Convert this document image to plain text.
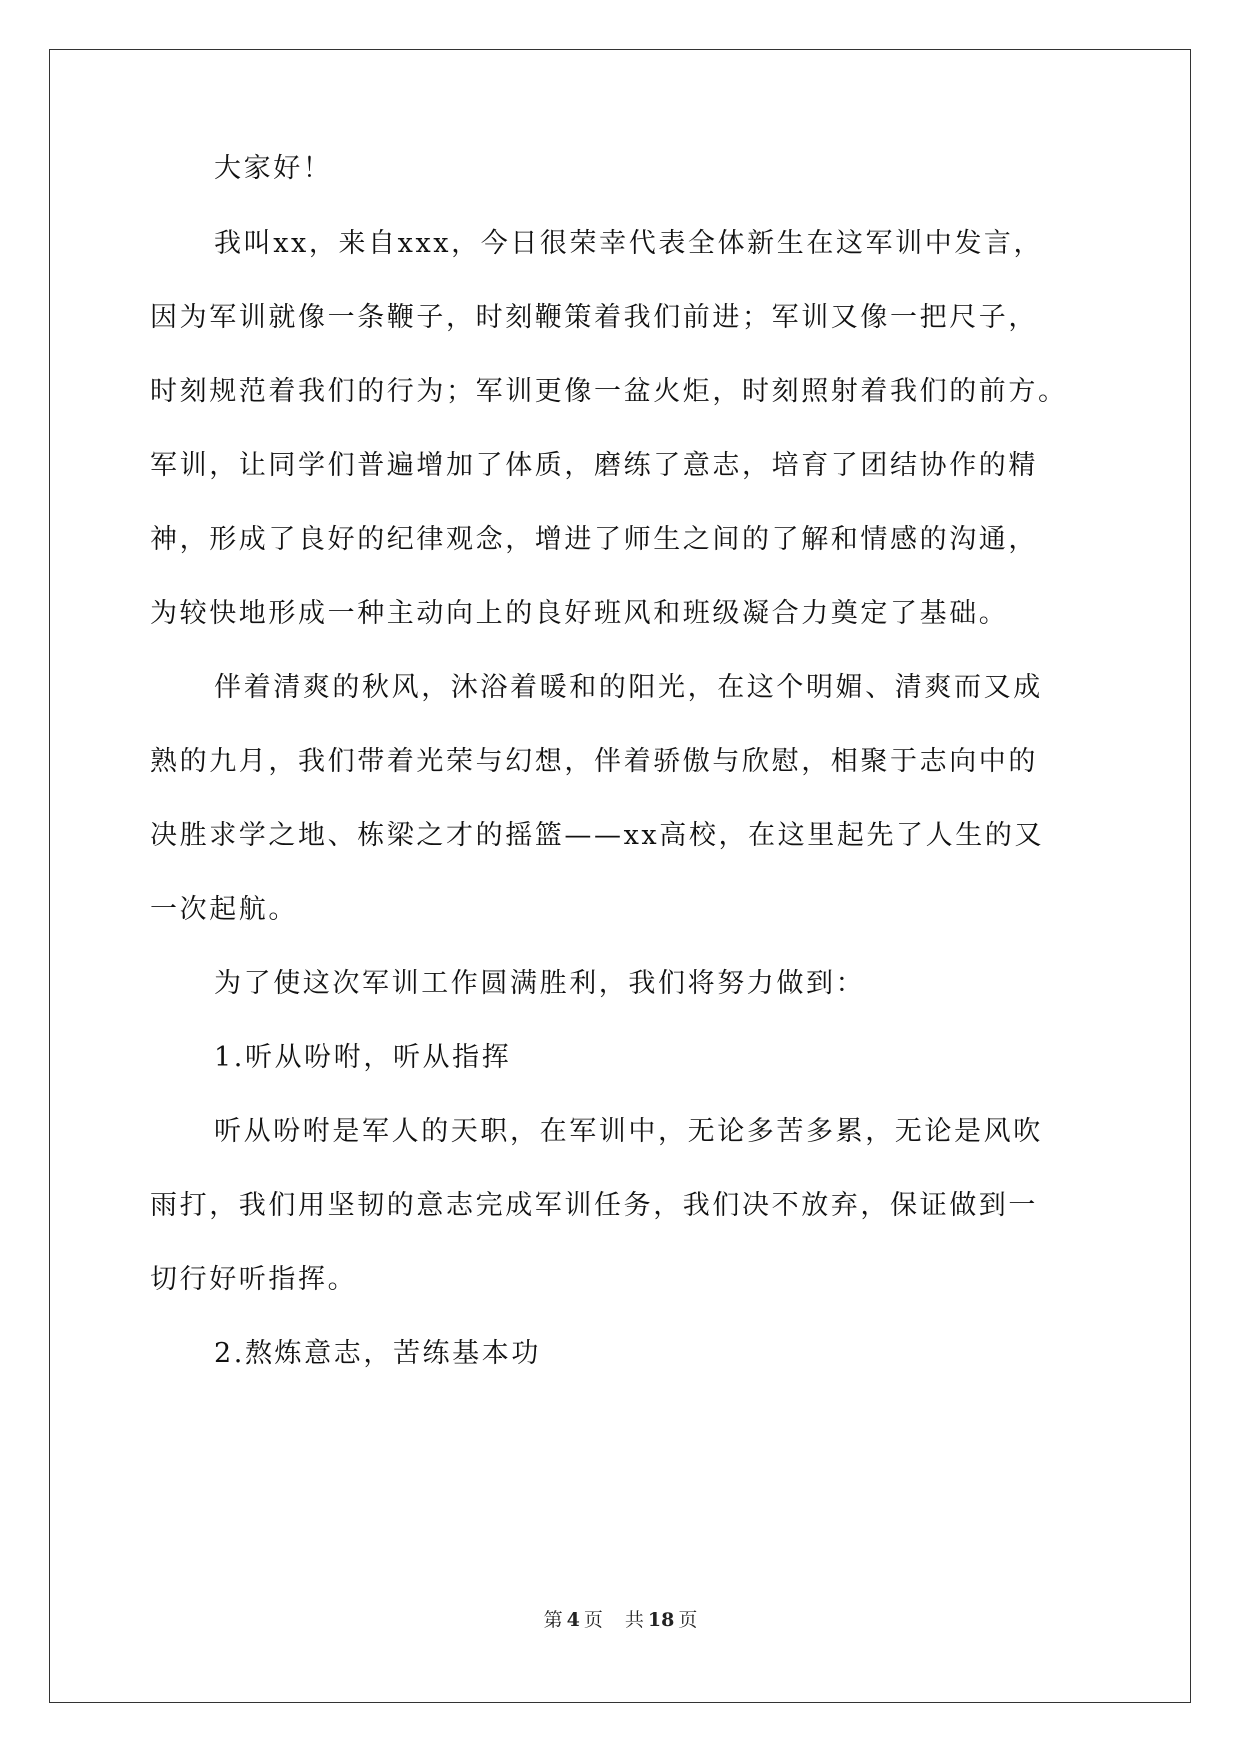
大家好！

我叫xx，来自xxx，今日很荣幸代表全体新生在这军训中发言，

因为军训就像一条鞭子，时刻鞭策着我们前进；军训又像一把尺子，

时刻规范着我们的行为；军训更像一盆火炬，时刻照射着我们的前方。

军训，让同学们普遍增加了体质，磨练了意志，培育了团结协作的精

神，形成了良好的纪律观念，增进了师生之间的了解和情感的沟通，

为较快地形成一种主动向上的良好班风和班级凝合力奠定了基础。

伴着清爽的秋风，沐浴着暖和的阳光，在这个明媚、清爽而又成

熟的九月，我们带着光荣与幻想，伴着骄傲与欣慰，相聚于志向中的

决胜求学之地、栋梁之才的摇篮——xx高校，在这里起先了人生的又

一次起航。

为了使这次军训工作圆满胜利，我们将努力做到：

1.听从吩咐，听从指挥

听从吩咐是军人的天职，在军训中，无论多苦多累，无论是风吹

雨打，我们用坚韧的意志完成军训任务，我们决不放弃，保证做到一

切行好听指挥。

2.熬炼意志，苦练基本功

第 4 页 共 18 页
